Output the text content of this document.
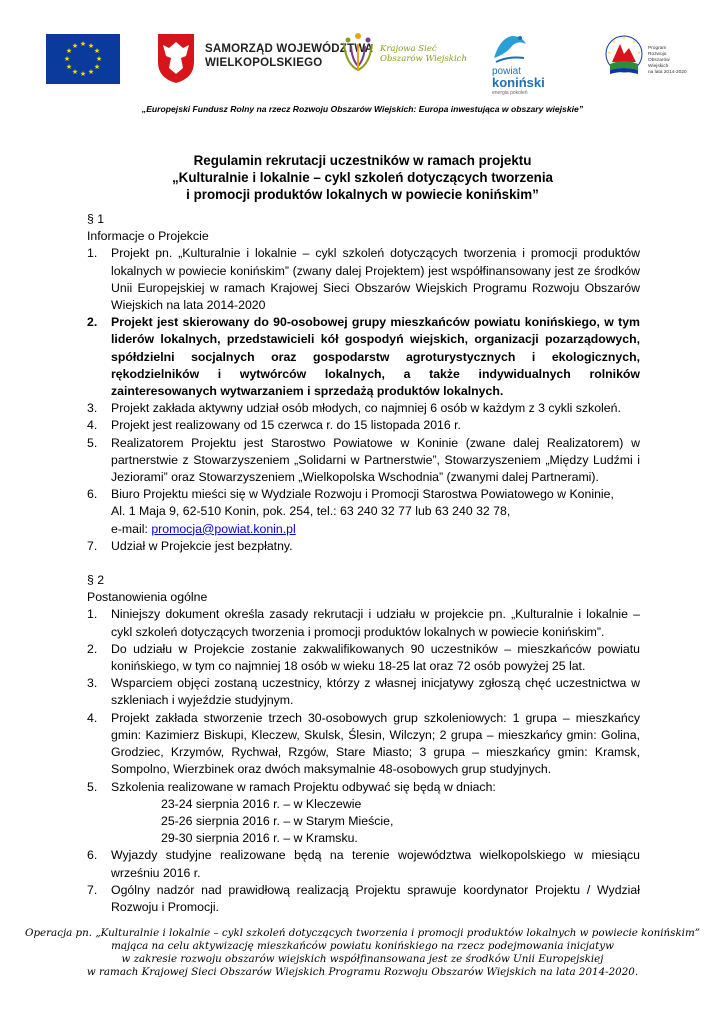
★ ★
★
★
★
★
★
★
★
★
★
★	SAMORZĄD WOJEWÓDZTWA
WIELKOPOLSKIEGO
Krajowa Sieć
Obszarów Wiejskich
powiat
koniński
energia pokoleń
★
★
★
★
★
Program
Rozwoju
Obszarów
Wiejskich
na lata 2014-2020
„Europejski Fundusz Rolny na rzecz Rozwoju Obszarów Wiejskich: Europa inwestująca w obszary wiejskie”
Regulamin rekrutacji uczestników w ramach projektu
„Kulturalnie i lokalnie – cykl szkoleń dotyczących tworzenia
i promocji produktów lokalnych w powiecie konińskim”

§ 1

Informacje o Projekcie

1. Projekt pn. „Kulturalnie i lokalnie – cykl szkoleń dotyczących tworzenia i promocji produktów lokalnych w powiecie konińskim” (zwany dalej Projektem) jest współfinansowany jest ze środków Unii Europejskiej w ramach Krajowej Sieci Obszarów Wiejskich Programu Rozwoju Obszarów Wiejskich na lata 2014-2020
2. Projekt jest skierowany do 90-osobowej grupy mieszkańców powiatu konińskiego, w tym liderów lokalnych, przedstawicieli kół gospodyń wiejskich, organizacji pozarządowych, spółdzielni socjalnych oraz gospodarstw agroturystycznych i ekologicznych, rękodzielników i wytwórców lokalnych, a także indywidualnych rolników zainteresowanych wytwarzaniem i sprzedażą produktów lokalnych.
3. Projekt zakłada aktywny udział osób młodych, co najmniej 6 osób w każdym z 3 cykli szkoleń.
4. Projekt jest realizowany od 15 czerwca r. do 15 listopada 2016 r.
5. Realizatorem Projektu jest Starostwo Powiatowe w Koninie (zwane dalej Realizatorem) w partnerstwie z Stowarzyszeniem „Solidarni w Partnerstwie”, Stowarzyszeniem „Między Ludźmi i Jeziorami” oraz Stowarzyszeniem „Wielkopolska Wschodnia” (zwanymi dalej Partnerami).
6. Biuro Projektu mieści się w Wydziale Rozwoju i Promocji Starostwa Powiatowego w Koninie,
Al. 1 Maja 9, 62-510 Konin, pok. 254, tel.: 63 240 32 77 lub 63 240 32 78,
e-mail: promocja@powiat.konin.pl
7. Udział w Projekcie jest bezpłatny.

§ 2

Postanowienia ogólne

1. Niniejszy dokument określa zasady rekrutacji i udziału w projekcie pn. „Kulturalnie i lokalnie – cykl szkoleń dotyczących tworzenia i promocji produktów lokalnych w powiecie konińskim”.
2. Do udziału w Projekcie zostanie zakwalifikowanych 90 uczestników – mieszkańców powiatu konińskiego, w tym co najmniej 18 osób w wieku 18-25 lat oraz 72 osób powyżej 25 lat.
3. Wsparciem objęci zostaną uczestnicy, którzy z własnej inicjatywy zgłoszą chęć uczestnictwa w szkleniach i wyjeździe studyjnym.
4. Projekt zakłada stworzenie trzech 30-osobowych grup szkoleniowych: 1 grupa – mieszkańcy gmin: Kazimierz Biskupi, Kleczew, Skulsk, Ślesin, Wilczyn; 2 grupa – mieszkańcy gmin: Golina, Grodziec, Krzymów, Rychwał, Rzgów, Stare Miasto; 3 grupa – mieszkańcy gmin: Kramsk, Sompolno, Wierzbinek oraz dwóch maksymalnie 48-osobowych grup studyjnych.
5. Szkolenia realizowane w ramach Projektu odbywać się będą w dniach:
23-24 sierpnia 2016 r. – w Kleczewie
25-26 sierpnia 2016 r. – w Starym Mieście,
29-30 sierpnia 2016 r. – w Kramsku.
6. Wyjazdy studyjne realizowane będą na terenie województwa wielkopolskiego w miesiącu wrześniu 2016 r.
7. Ogólny nadzór nad prawidłową realizacją Projektu sprawuje koordynator Projektu / Wydział Rozwoju i Promocji.
Operacja pn. „Kulturalnie i lokalnie – cykl szkoleń dotyczących tworzenia i promocji produktów lokalnych w powiecie konińskim”
mająca na celu aktywizację mieszkańców powiatu konińskiego na rzecz podejmowania inicjatyw
w zakresie rozwoju obszarów wiejskich współfinansowana jest ze środków Unii Europejskiej
w ramach Krajowej Sieci Obszarów Wiejskich Programu Rozwoju Obszarów Wiejskich na lata 2014-2020.
